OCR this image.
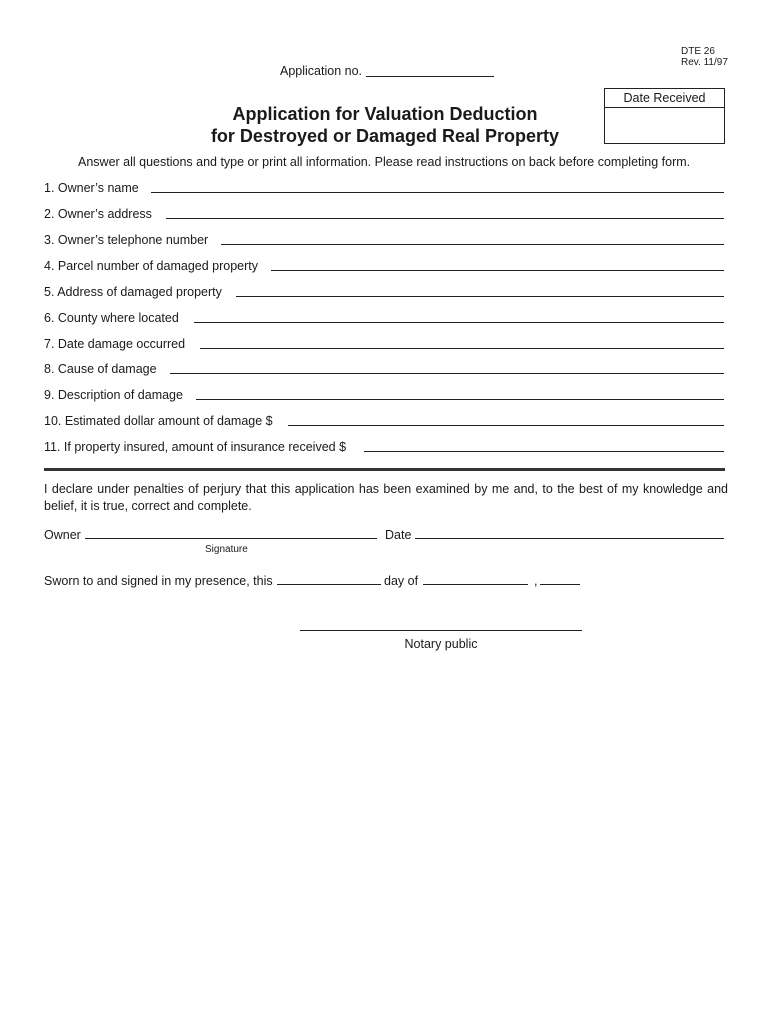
DTE 26
Rev. 11/97
Application no.
Date Received
Application for Valuation Deduction
for Destroyed or Damaged Real Property
Answer all questions and type or print all information. Please read instructions on back before completing form.
1. Owner’s name
2. Owner’s address
3. Owner’s telephone number
4. Parcel number of damaged property
5. Address of damaged property
6. County where located
7. Date damage occurred
8. Cause of damage
9. Description of damage
10. Estimated dollar amount of damage $
11. If property insured, amount of insurance received $
I declare under penalties of perjury that this application has been examined by me and, to the best of my knowledge and belief, it is true, correct and complete.
Owner
Signature
Date
Sworn to and signed in my presence, this	day of	,
Notary public
